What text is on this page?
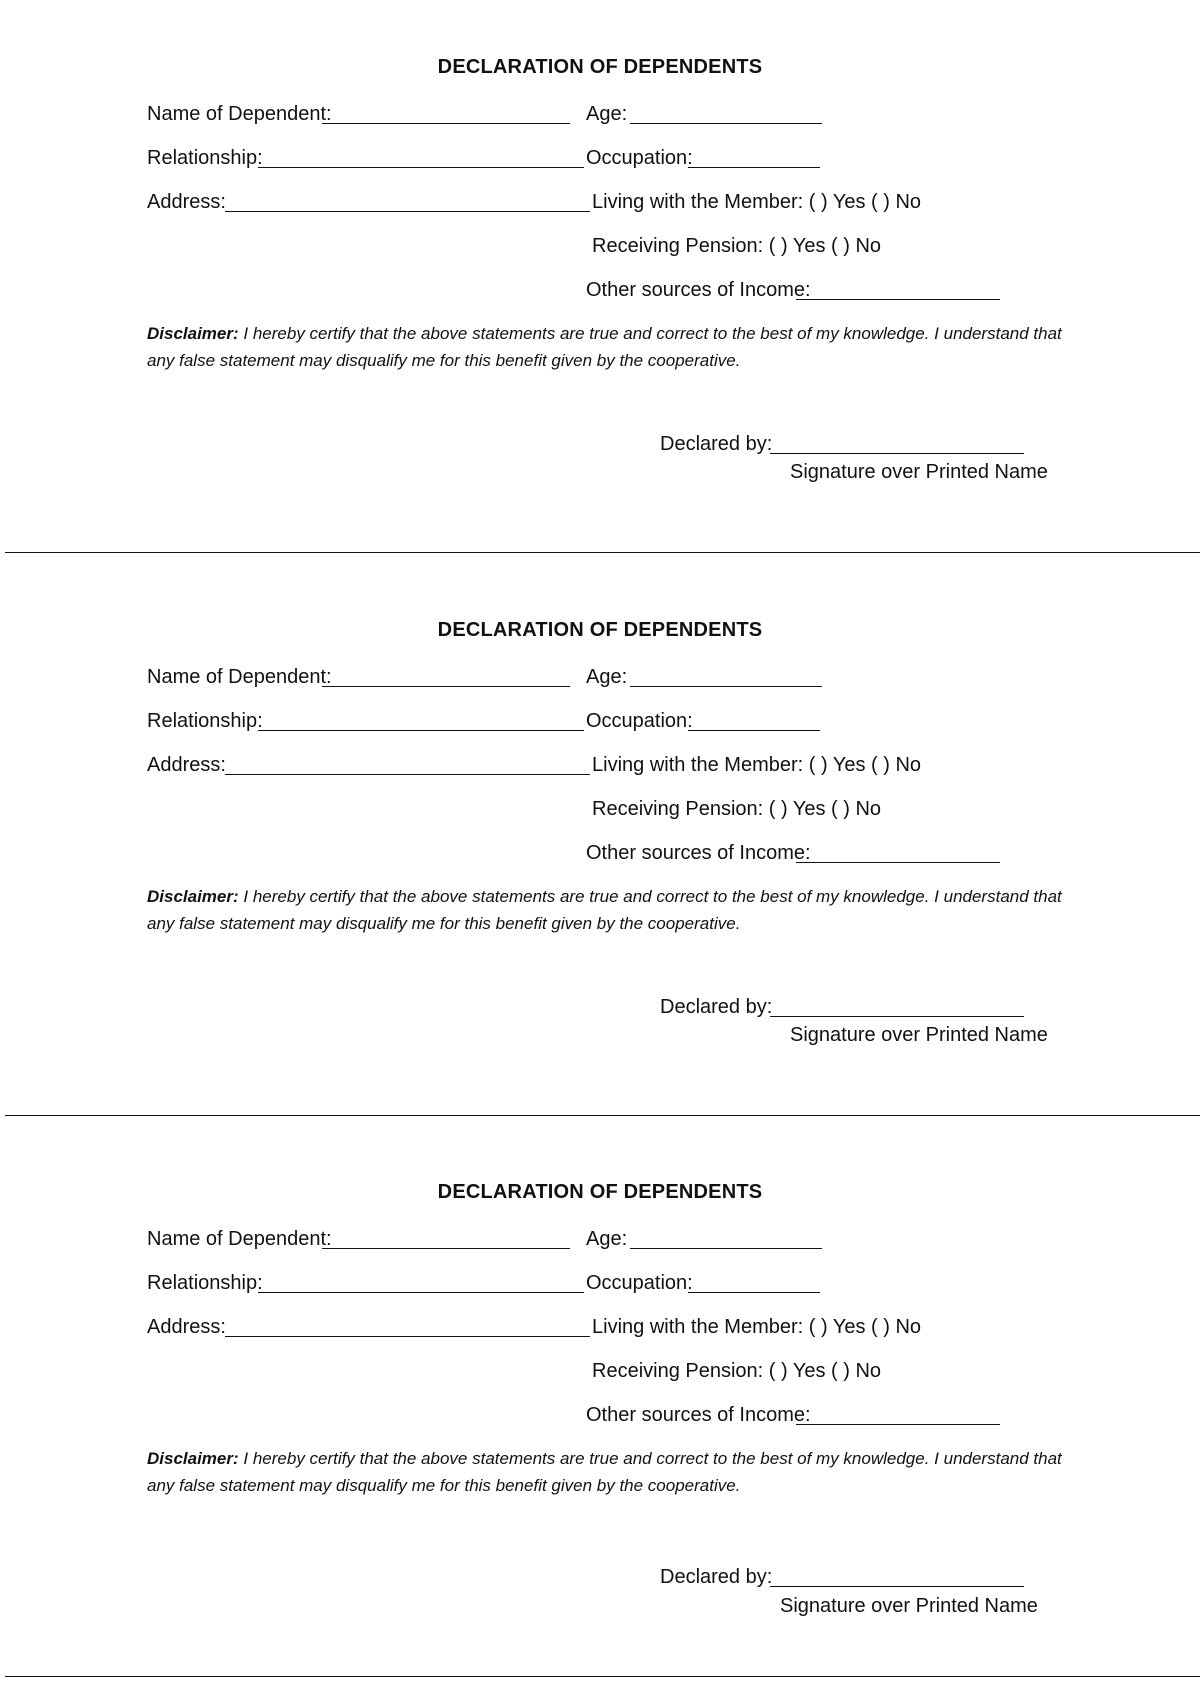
DECLARATION OF DEPENDENTS
Name of Dependent:	Age:
Relationship:	Occupation:
Address:	Living with the Member: ( ) Yes ( ) No
Receiving Pension: ( ) Yes ( ) No
Other sources of Income:
Disclaimer: I hereby certify that the above statements are true and correct to the best of my knowledge. I understand that any false statement may disqualify me for this benefit given by the cooperative.
Declared by:
Signature over Printed Name
DECLARATION OF DEPENDENTS
Name of Dependent:	Age:
Relationship:	Occupation:
Address:	Living with the Member: ( ) Yes ( ) No
Receiving Pension: ( ) Yes ( ) No
Other sources of Income:
Disclaimer: I hereby certify that the above statements are true and correct to the best of my knowledge. I understand that any false statement may disqualify me for this benefit given by the cooperative.
Declared by:
Signature over Printed Name
DECLARATION OF DEPENDENTS
Name of Dependent:	Age:
Relationship:	Occupation:
Address:	Living with the Member: ( ) Yes ( ) No
Receiving Pension: ( ) Yes ( ) No
Other sources of Income:
Disclaimer: I hereby certify that the above statements are true and correct to the best of my knowledge. I understand that any false statement may disqualify me for this benefit given by the cooperative.
Declared by:
Signature over Printed Name
